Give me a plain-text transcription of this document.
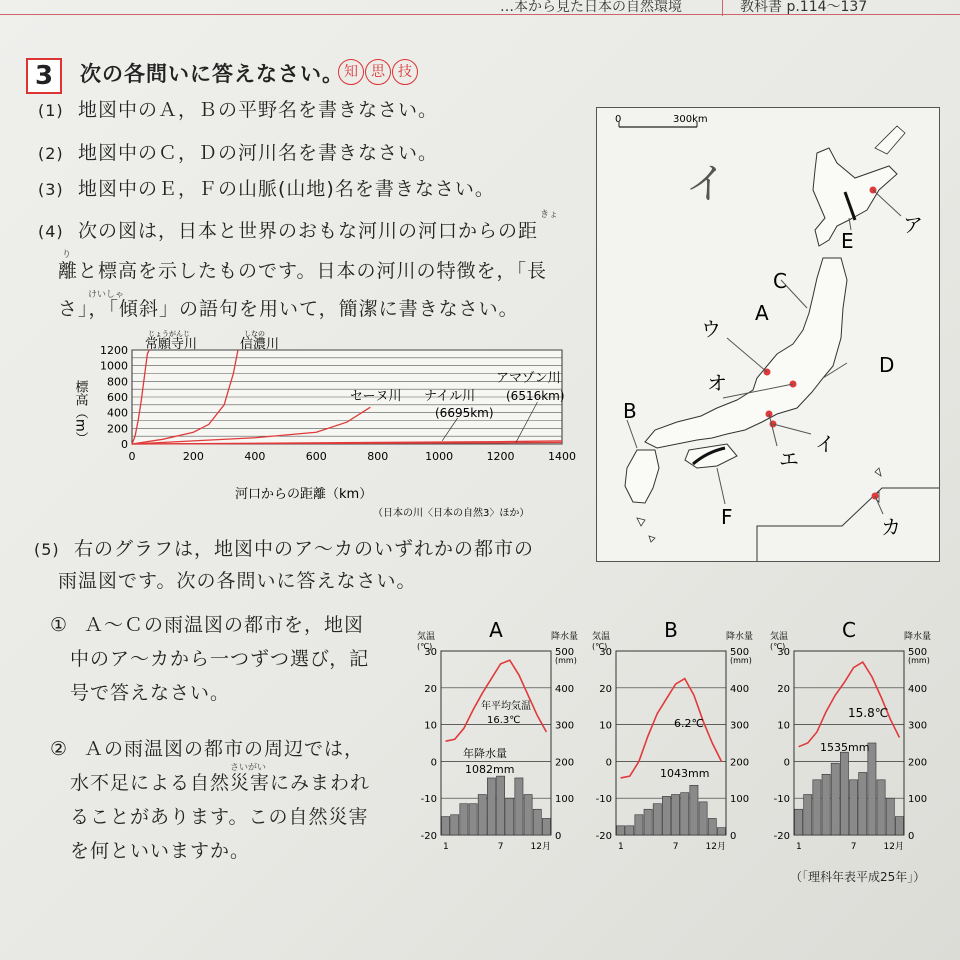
…本から見た日本の自然環境	教科書 p.114〜137
3	次の各問いに答えなさい。 知 思 技
(1) 地図中のＡ，Ｂの平野名を書きなさい。
(2) 地図中のＣ，Ｄの河川名を書きなさい。
(3) 地図中のＥ，Ｆの山脈(山地)名を書きなさい。
(4) 次の図は，日本と世界のおもな河川の河口からの距
きょ
り
離と標高を示したものです。日本の河川の特徴を，「長
けいしゃ
さ」，「傾斜」の語句を用いて，簡潔に書きなさい。
1200
1000
800
600
400
200
0
0	200	400	600	800	1000	1200	1400
標高（m）
河口からの距離（km）
（日本の川〈日本の自然3〉ほか）
常願寺川
じょうがんじ
信濃川
しなの
セーヌ川 ナイル川
(6695km)
アマゾン川
(6516km)
0	300km
イ
ア
イ
ウ
エ
オ
カ
A
B
C
D
E
F
(5) 右のグラフは，地図中のア〜カのいずれかの都市の
雨温図です。次の各問いに答えなさい。
① Ａ〜Ｃの雨温図の都市を，地図
中のア〜カから一つずつ選び，記
号で答えなさい。
さいがい
② Ａの雨温図の都市の周辺では，
水不足による自然災害にみまわれ
ることがあります。この自然災害
を何といいますか。
A
気温
(℃)
降水量
(mm)
30
20
10
0
-10
-20
500
400
300
200
100
0
1	7	12月
年平均気温
16.3℃
年降水量
1082mm
B
気温
(℃)
降水量
(mm)
30
20
10
0
-10
-20
500
400
300
200
100
0
1	7	12月
6.2℃
1043mm
C
気温
(℃)
降水量
(mm)
30
20
10
0
-10
-20
500
400
300
200
100
0
1	7	12月
15.8℃
1535mm
（「理科年表平成25年」）
